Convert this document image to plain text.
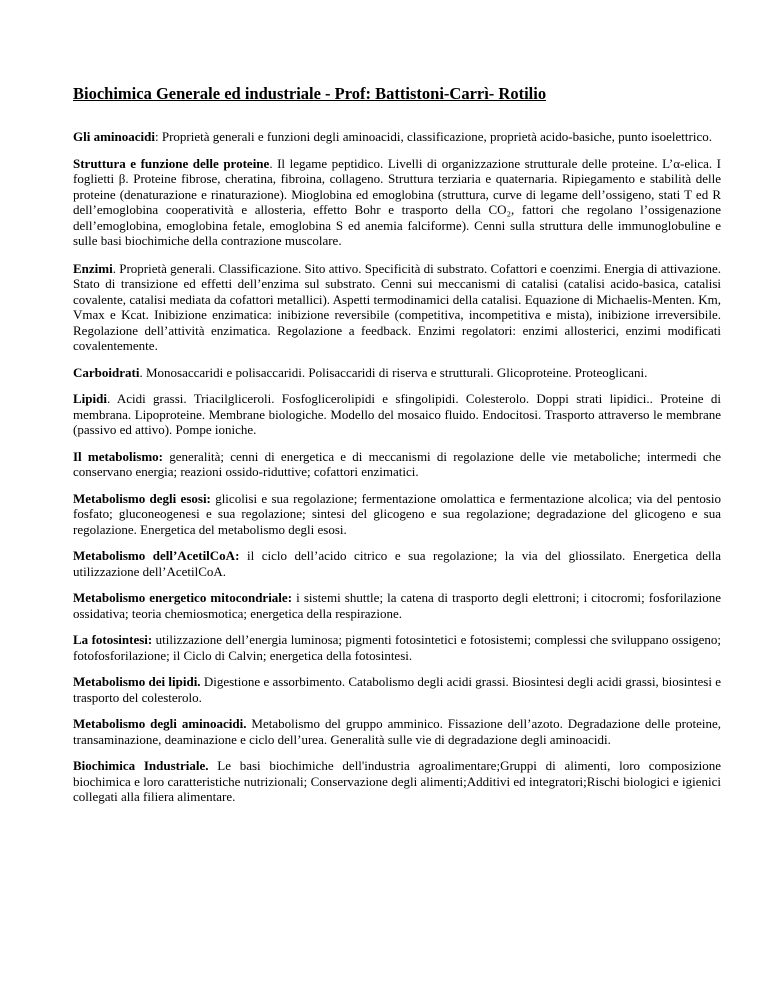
Biochimica Generale ed industriale - Prof: Battistoni-Carrì- Rotilio

Gli aminoacidi: Proprietà generali e funzioni degli aminoacidi, classificazione, proprietà acido-basiche, punto isoelettrico.

Struttura e funzione delle proteine. Il legame peptidico. Livelli di organizzazione strutturale delle proteine. L’α-elica. I foglietti β. Proteine fibrose, cheratina, fibroina, collageno. Struttura terziaria e quaternaria. Ripiegamento e stabilità delle proteine (denaturazione e rinaturazione). Mioglobina ed emoglobina (struttura, curve di legame dell’ossigeno, stati T ed R dell’emoglobina cooperatività e allosteria, effetto Bohr e trasporto della CO₂, fattori che regolano l’ossigenazione dell’emoglobina, emoglobina fetale, emoglobina S ed anemia falciforme). Cenni sulla struttura delle immunoglobuline e sulle basi biochimiche della contrazione muscolare.

Enzimi. Proprietà generali. Classificazione. Sito attivo. Specificità di substrato. Cofattori e coenzimi. Energia di attivazione. Stato di transizione ed effetti dell’enzima sul substrato. Cenni sui meccanismi di catalisi (catalisi acido-basica, catalisi covalente, catalisi mediata da cofattori metallici). Aspetti termodinamici della catalisi. Equazione di Michaelis-Menten. Km, Vmax e Kcat. Inibizione enzimatica: inibizione reversibile (competitiva, incompetitiva e mista), inibizione irreversibile. Regolazione dell’attività enzimatica. Regolazione a feedback. Enzimi regolatori: enzimi allosterici, enzimi modificati covalentemente.

Carboidrati. Monosaccaridi e polisaccaridi. Polisaccaridi di riserva e strutturali. Glicoproteine. Proteoglicani.

Lipidi. Acidi grassi. Triacilgliceroli. Fosfoglicerolipidi e sfingolipidi. Colesterolo. Doppi strati lipidici.. Proteine di membrana. Lipoproteine. Membrane biologiche. Modello del mosaico fluido. Endocitosi. Trasporto attraverso le membrane (passivo ed attivo). Pompe ioniche.

Il metabolismo: generalità; cenni di energetica e di meccanismi di regolazione delle vie metaboliche; intermedi che conservano energia; reazioni ossido-riduttive; cofattori enzimatici.

Metabolismo degli esosi: glicolisi e sua regolazione; fermentazione omolattica e fermentazione alcolica; via del pentosio fosfato; gluconeogenesi e sua regolazione; sintesi del glicogeno e sua regolazione; degradazione del glicogeno e sua regolazione. Energetica del metabolismo degli esosi.

Metabolismo dell’AcetilCoA: il ciclo dell’acido citrico e sua regolazione; la via del gliossilato. Energetica della utilizzazione dell’AcetilCoA.

Metabolismo energetico mitocondriale: i sistemi shuttle; la catena di trasporto degli elettroni; i citocromi; fosforilazione ossidativa; teoria chemiosmotica; energetica della respirazione.

La fotosintesi: utilizzazione dell’energia luminosa; pigmenti fotosintetici e fotosistemi; complessi che sviluppano ossigeno; fotofosforilazione; il Ciclo di Calvin; energetica della fotosintesi.

Metabolismo dei lipidi. Digestione e assorbimento. Catabolismo degli acidi grassi. Biosintesi degli acidi grassi, biosintesi e trasporto del colesterolo.

Metabolismo degli aminoacidi. Metabolismo del gruppo amminico. Fissazione dell’azoto. Degradazione delle proteine, transaminazione, deaminazione e ciclo dell’urea. Generalità sulle vie di degradazione degli aminoacidi.

Biochimica Industriale. Le basi biochimiche dell'industria agroalimentare;Gruppi di alimenti, loro composizione biochimica e loro caratteristiche nutrizionali; Conservazione degli alimenti;Additivi ed integratori;Rischi biologici e igienici collegati alla filiera alimentare.
